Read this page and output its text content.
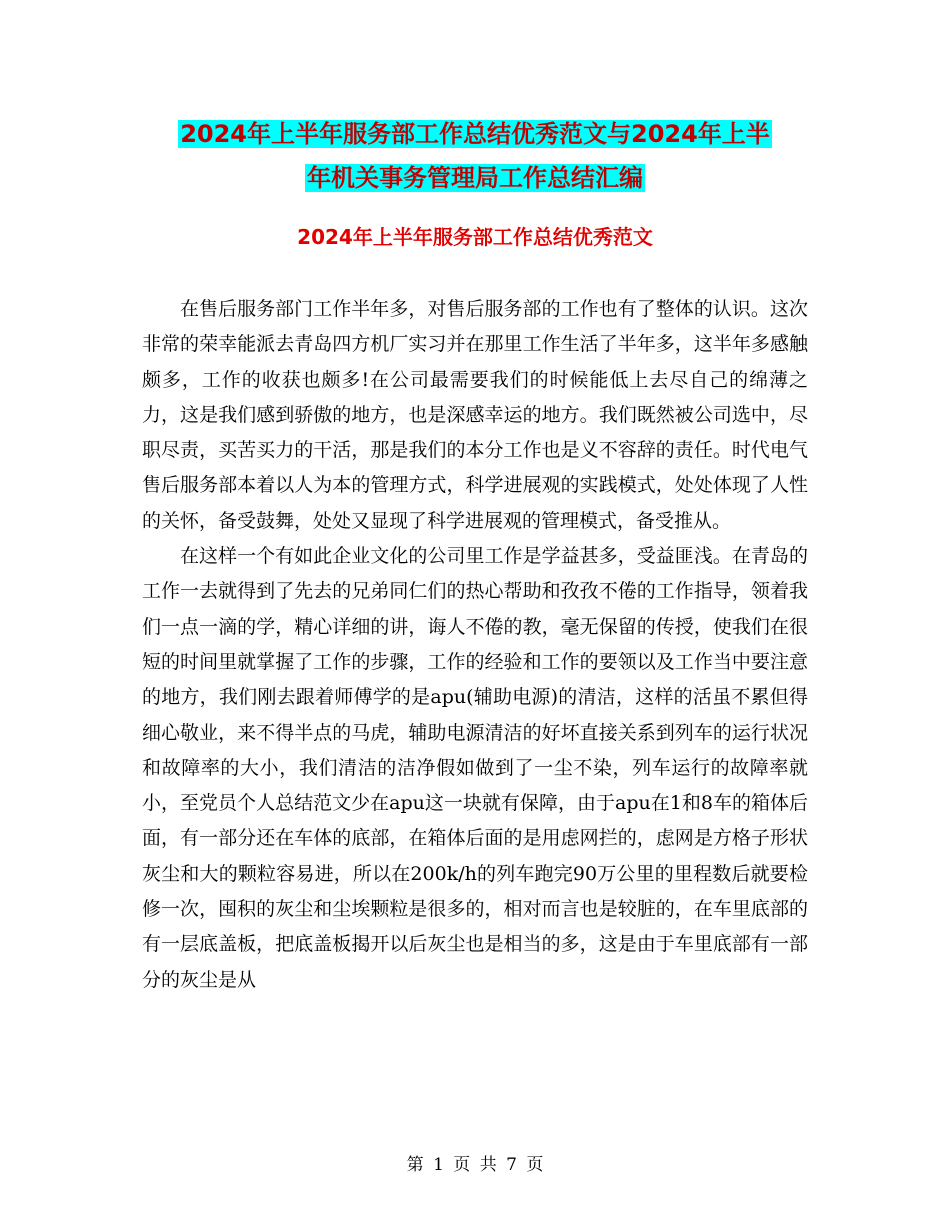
2024年上半年服务部工作总结优秀范文与2024年上半
年机关事务管理局工作总结汇编
2024年上半年服务部工作总结优秀范文

在售后服务部门工作半年多，对售后服务部的工作也有了整体的认识。这次非常的荣幸能派去青岛四方机厂实习并在那里工作生活了半年多，这半年多感触颇多，工作的收获也颇多!在公司最需要我们的时候能低上去尽自己的绵薄之力，这是我们感到骄傲的地方，也是深感幸运的地方。我们既然被公司选中，尽职尽责，买苦买力的干活，那是我们的本分工作也是义不容辞的责任。时代电气售后服务部本着以人为本的管理方式，科学进展观的实践模式，处处体现了人性的关怀，备受鼓舞，处处又显现了科学进展观的管理模式，备受推从。

在这样一个有如此企业文化的公司里工作是学益甚多，受益匪浅。在青岛的工作一去就得到了先去的兄弟同仁们的热心帮助和孜孜不倦的工作指导，领着我们一点一滴的学，精心详细的讲，诲人不倦的教，毫无保留的传授，使我们在很短的时间里就掌握了工作的步骤，工作的经验和工作的要领以及工作当中要注意的地方，我们刚去跟着师傅学的是apu(辅助电源)的清洁，这样的活虽不累但得细心敬业，来不得半点的马虎，辅助电源清洁的好坏直接关系到列车的运行状况和故障率的大小，我们清洁的洁净假如做到了一尘不染，列车运行的故障率就小，至党员个人总结范文少在apu这一块就有保障，由于apu在1和8车的箱体后面，有一部分还在车体的底部，在箱体后面的是用虑网拦的，虑网是方格子形状灰尘和大的颗粒容易进，所以在200k/h的列车跑完90万公里的里程数后就要检修一次，囤积的灰尘和尘埃颗粒是很多的，相对而言也是较脏的，在车里底部的有一层底盖板，把底盖板揭开以后灰尘也是相当的多，这是由于车里底部有一部分的灰尘是从

第 1 页 共 7 页
